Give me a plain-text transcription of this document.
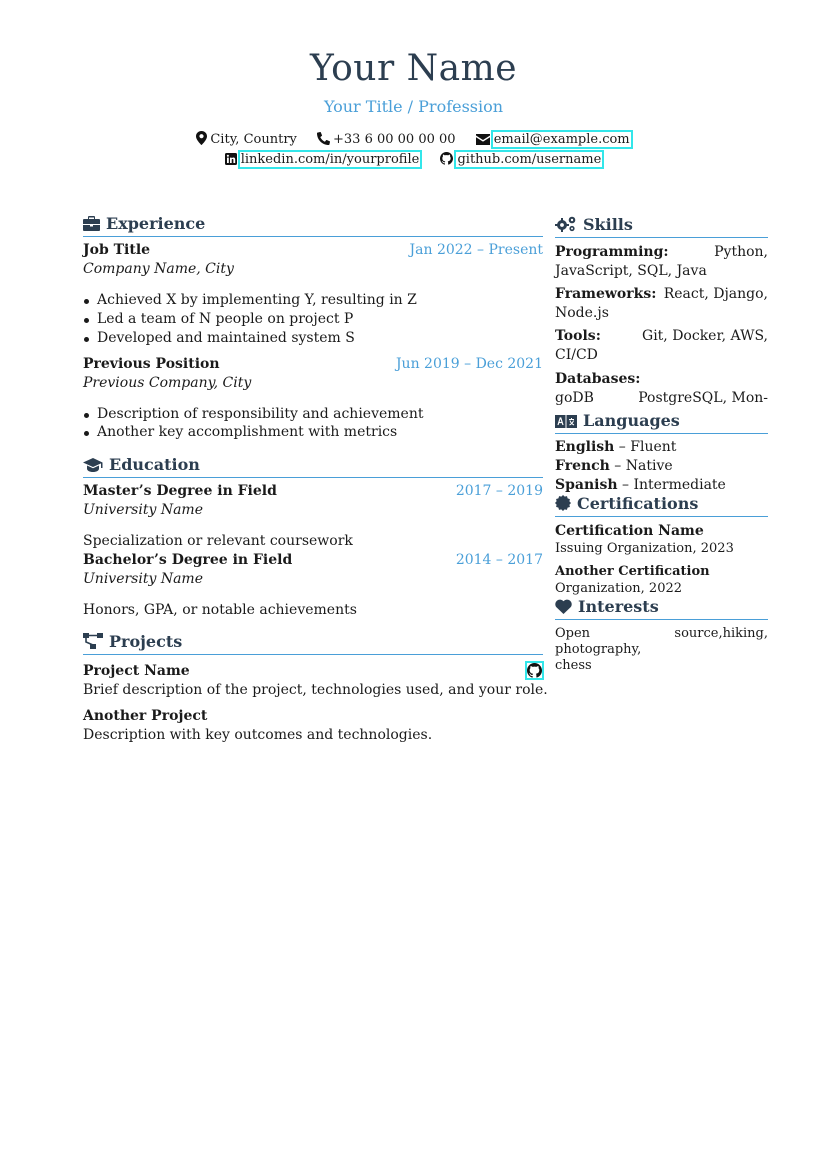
Your Name
Your Title / Profession
City, Country	+33 6 00 00 00 00	email@example.com
linkedin.com/in/yourprofile	github.com/username
Experience
Job Title	Jan 2022 – Present
Company Name, City
Achieved X by implementing Y, resulting in Z
Led a team of N people on project P
Developed and maintained system S
Previous Position	Jun 2019 – Dec 2021
Previous Company, City
Description of responsibility and achievement
Another key accomplishment with metrics
Education
Master’s Degree in Field	2017 – 2019
University Name
Specialization or relevant coursework
Bachelor’s Degree in Field	2014 – 2017
University Name
Honors, GPA, or notable achievements
Projects
Project Name
Brief description of the project, technologies used, and your role.
Another Project
Description with key outcomes and technologies.
Skills
Programming:	Python,

JavaScript, SQL, Java
Frameworks: React, Django,

Node.js
Tools:	Git, Docker, AWS,

CI/CD
Databases:
PostgreSQL, Mon-

goDB
Languages
English – Fluent
French – Native
Spanish – Intermediate
Certifications
Certification Name
Issuing Organization, 2023
Another Certification
Organization, 2022
Interests
hiking,
Open source, photography,
chess
